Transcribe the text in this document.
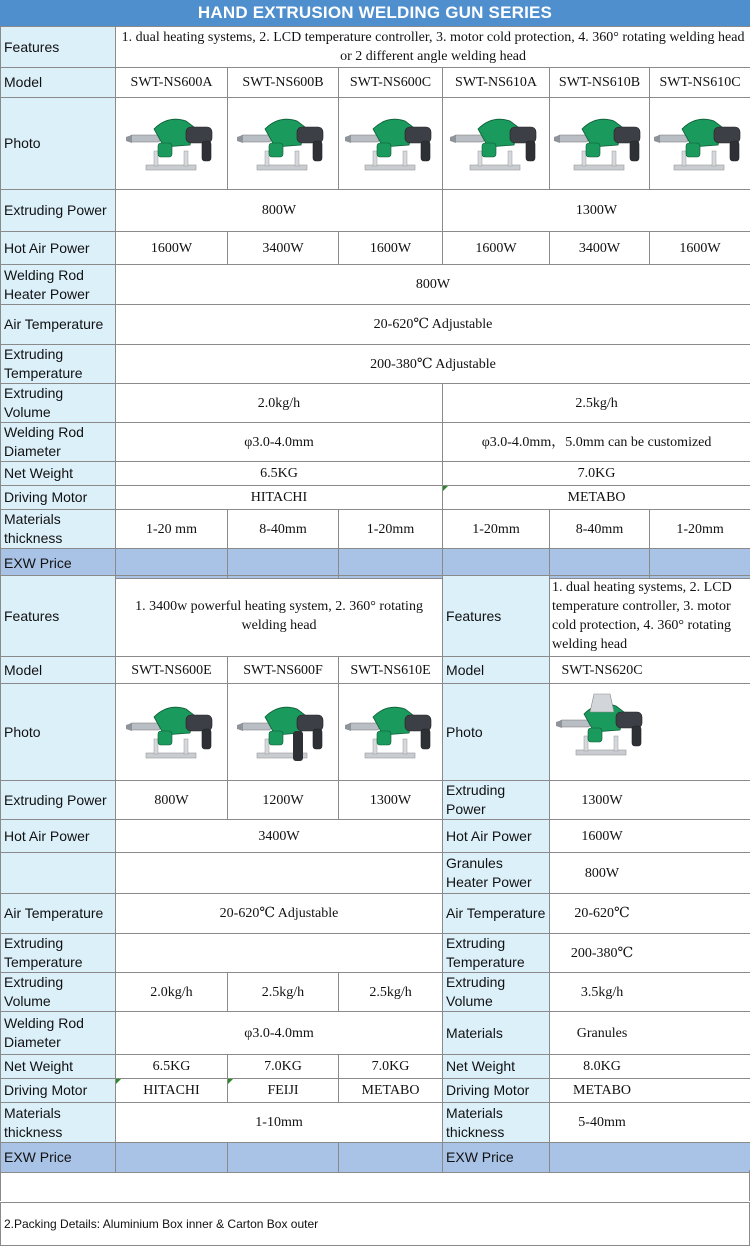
HAND EXTRUSION WELDING GUN SERIES
Features	1. dual heating systems, 2. LCD temperature controller, 3. motor cold protection, 4. 360° rotating welding head or 2 different angle welding head					
Model	SWT-NS600A	SWT-NS600B	SWT-NS600C	SWT-NS610A	SWT-NS610B	SWT-NS610C
Photo	

Extruding Power	800W			1300W		
Hot Air Power	1600W	3400W	1600W	1600W	3400W	1600W
Welding Rod Heater Power	800W					
Air Temperature	20-620℃ Adjustable					
Extruding Temperature	200-380℃ Adjustable					
Extruding Volume	2.0kg/h			2.5kg/h		
Welding Rod Diameter	φ3.0-4.0mm			φ3.0-4.0mm，5.0mm can be customized		
Net Weight	6.5KG			7.0KG		
Driving Motor	HITACHI			METABO		
Materials thickness	1-20 mm	8-40mm	1-20mm	1-20mm	8-40mm	1-20mm
EXW Price						
Features	1. 3400w powerful heating system, 2. 360° rotating welding head			Features	1. dual heating systems, 2. LCD temperature controller, 3. motor cold protection, 4. 360° rotating welding head
Model	SWT-NS600E	SWT-NS600F	SWT-NS610E	Model	SWT-NS620C
Photo				Photo	

Extruding Power	800W	1200W	1300W	Extruding Power	1300W
Hot Air Power	3400W			Hot Air Power	1600W
				Granules Heater Power	800W
Air Temperature	20-620℃ Adjustable			Air Temperature	20-620℃
Extruding Temperature				Extruding Temperature	200-380℃
Extruding Volume	2.0kg/h	2.5kg/h	2.5kg/h	Extruding Volume	3.5kg/h
Welding Rod Diameter	φ3.0-4.0mm			Materials	Granules
Net Weight	6.5KG	7.0KG	7.0KG	Net Weight	8.0KG
Driving Motor	HITACHI	FEIJI	METABO	Driving Motor	METABO
Materials thickness	1-10mm			Materials thickness	5-40mm
EXW Price				EXW Price	
2.Packing Details: Aluminium Box inner & Carton Box outer
